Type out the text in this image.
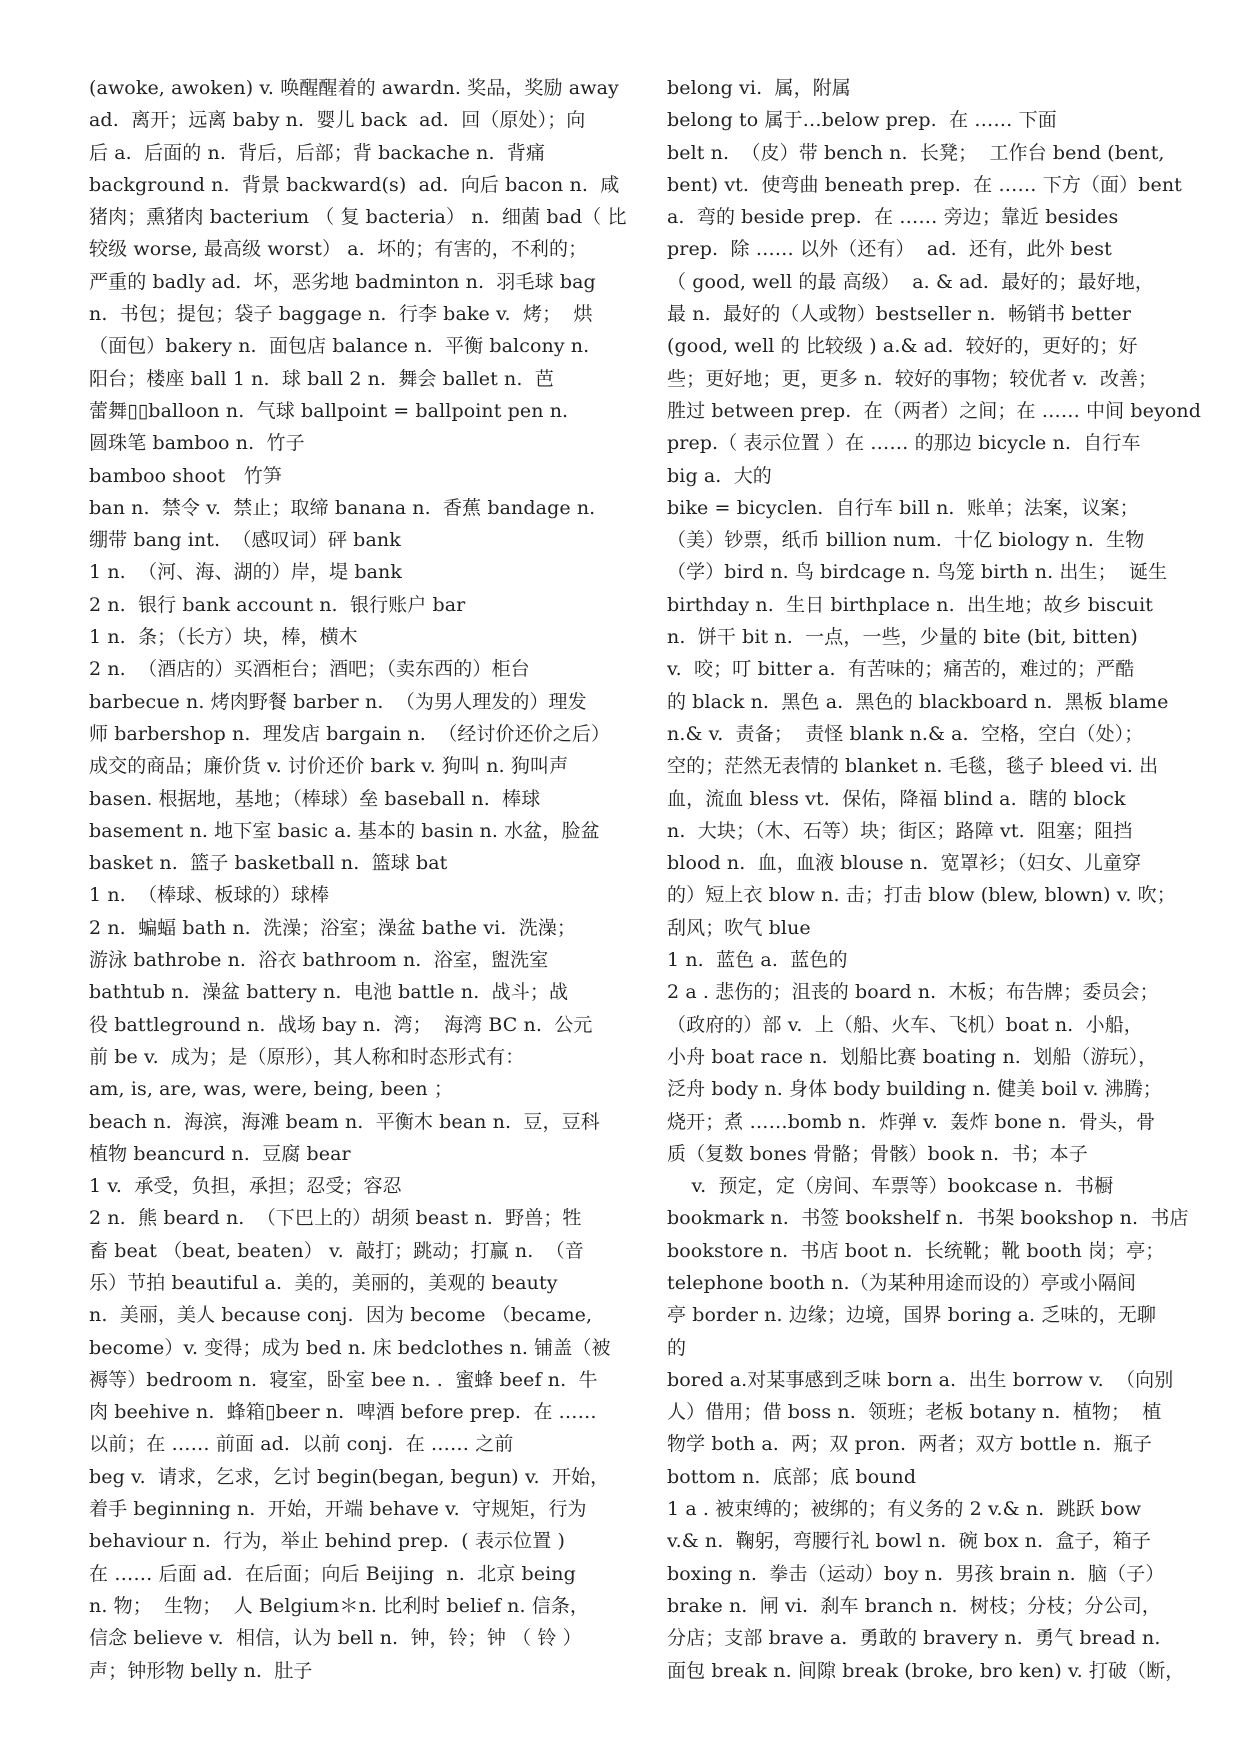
(awoke, awoken) v. 唤醒醒着的 awardn. 奖品，奖励 away
ad.  离开；远离 baby n.  婴儿 back  ad.  回（原处）；向
后 a.  后面的 n.  背后，后部；背 backache n.  背痛
background n.  背景 backward(s)  ad.  向后 bacon n.  咸
猪肉；熏猪肉 bacterium （ 复 bacteria） n.  细菌 bad（ 比
较级 worse, 最高级 worst） a.  坏的；有害的，不利的；
严重的 badly ad.  坏，恶劣地 badminton n.  羽毛球 bag
n.  书包；提包；袋子 baggage n.  行李 bake v.  烤；  烘
（面包）bakery n.  面包店 balance n.  平衡 balcony n.
阳台；楼座 ball 1 n.  球 ball 2 n.  舞会 ballet n.  芭
蕾舞▯▯balloon n.  气球 ballpoint = ballpoint pen n.
圆珠笔 bamboo n.  竹子
bamboo shoot   竹笋
ban n.  禁令 v.  禁止；取缔 banana n.  香蕉 bandage n.
绷带 bang int.  （感叹词）砰 bank
1 n.  （河、海、湖的）岸，堤 bank
2 n.  银行 bank account n.  银行账户 bar
1 n.  条；（长方）块，棒，横木
2 n.  （酒店的）买酒柜台；酒吧；（卖东西的）柜台
barbecue n. 烤肉野餐 barber n.  （为男人理发的）理发
师 barbershop n.  理发店 bargain n.  （经讨价还价之后）
成交的商品；廉价货 v. 讨价还价 bark v. 狗叫 n. 狗叫声
basen. 根据地，基地；（棒球）垒 baseball n.  棒球
basement n. 地下室 basic a. 基本的 basin n. 水盆，脸盆
basket n.  篮子 basketball n.  篮球 bat
1 n.  （棒球、板球的）球棒
2 n.  蝙蝠 bath n.  洗澡；浴室；澡盆 bathe vi.  洗澡；
游泳 bathrobe n.  浴衣 bathroom n.  浴室，盥洗室
bathtub n.  澡盆 battery n.  电池 battle n.  战斗；战
役 battleground n.  战场 bay n.  湾；  海湾 BC n.  公元
前 be v.  成为；是（原形），其人称和时态形式有：
am, is, are, was, were, being, been ；
beach n.  海滨，海滩 beam n.  平衡木 bean n.  豆，豆科
植物 beancurd n.  豆腐 bear
1 v.  承受，负担，承担；忍受；容忍
2 n.  熊 beard n.  （下巴上的）胡须 beast n.  野兽；牲
畜 beat （beat, beaten） v.  敲打；跳动；打赢 n.  （音
乐）节拍 beautiful a.  美的，美丽的，美观的 beauty
n.  美丽，美人 because conj.  因为 become （became,
become）v. 变得；成为 bed n. 床 bedclothes n. 铺盖（被
褥等）bedroom n.  寝室，卧室 bee n. .  蜜蜂 beef n.  牛
肉 beehive n.  蜂箱▯beer n.  啤酒 before prep.  在 ……
以前；在 …… 前面 ad.  以前 conj.  在 …… 之前
beg v.  请求，乞求，乞讨 begin(began, begun) v.  开始，
着手 beginning n.  开始，开端 behave v.  守规矩，行为
behaviour n.  行为，举止 behind prep.  ( 表示位置 )
在 …… 后面 ad.  在后面；向后 Beijing  n.  北京 being
n. 物；  生物；  人 Belgium＊n. 比利时 belief n. 信条，
信念 believe v.  相信，认为 bell n.  钟，铃；钟 （ 铃 ）
声；钟形物 belly n.  肚子
belong vi.  属，附属
belong to 属于…below prep.  在 …… 下面
belt n.  （皮）带 bench n.  长凳；  工作台 bend (bent,
bent) vt.  使弯曲 beneath prep.  在 …… 下方（面）bent
a.  弯的 beside prep.  在 …… 旁边；靠近 besides
prep.  除 …… 以外（还有）  ad.  还有，此外 best
（ good, well 的最 高级）  a. & ad.  最好的；最好地，
最 n.  最好的（人或物）bestseller n.  畅销书 better
(good, well 的 比较级 ) a.& ad.  较好的，更好的；好
些；更好地；更，更多 n.  较好的事物；较优者 v.  改善；
胜过 between prep.  在（两者）之间；在 …… 中间 beyond
prep.（ 表示位置 ）在 …… 的那边 bicycle n.  自行车
big a.  大的
bike = bicyclen.  自行车 bill n.  账单；法案，议案；
（美）钞票，纸币 billion num.  十亿 biology n.  生物
（学）bird n. 鸟 birdcage n. 鸟笼 birth n. 出生；  诞生
birthday n.  生日 birthplace n.  出生地；故乡 biscuit
n.  饼干 bit n.  一点，一些，少量的 bite (bit, bitten)
v.  咬；叮 bitter a.  有苦味的；痛苦的，难过的；严酷
的 black n.  黑色 a.  黑色的 blackboard n.  黑板 blame
n.& v.  责备；  责怪 blank n.& a.  空格，空白（处）；
空的；茫然无表情的 blanket n. 毛毯，毯子 bleed vi. 出
血，流血 bless vt.  保佑，降福 blind a.  瞎的 block
n.  大块；（木、石等）块；街区；路障 vt.  阻塞；阻挡
blood n.  血，血液 blouse n.  宽罩衫；（妇女、儿童穿
的）短上衣 blow n. 击；打击 blow (blew, blown) v. 吹；
刮风；吹气 blue
1 n.  蓝色 a.  蓝色的
2 a . 悲伤的；沮丧的 board n.  木板；布告牌；委员会；
（政府的）部 v.  上（船、火车、飞机）boat n.  小船，
小舟 boat race n.  划船比赛 boating n.  划船（游玩），
泛舟 body n. 身体 body building n. 健美 boil v. 沸腾；
烧开；煮 ……bomb n.  炸弹 v.  轰炸 bone n.  骨头，骨
质（复数 bones 骨骼；骨骸）book n.  书；本子
v.  预定，定（房间、车票等）bookcase n.  书橱
bookmark n.  书签 bookshelf n.  书架 bookshop n.  书店
bookstore n.  书店 boot n.  长统靴；靴 booth 岗；亭；
telephone booth n.（为某种用途而设的）亭或小隔间
亭 border n. 边缘；边境，国界 boring a. 乏味的，无聊
的
bored a.对某事感到乏味 born a.  出生 borrow v.  （向别
人）借用；借 boss n.  领班；老板 botany n.  植物；  植
物学 both a.  两；双 pron.  两者；双方 bottle n.  瓶子
bottom n.  底部；底 bound
1 a . 被束缚的；被绑的；有义务的 2 v.& n.  跳跃 bow
v.& n.  鞠躬，弯腰行礼 bowl n.  碗 box n.  盒子，箱子
boxing n.  拳击（运动）boy n.  男孩 brain n.  脑（子）
brake n.  闸 vi.  刹车 branch n.  树枝；分枝；分公司，
分店；支部 brave a.  勇敢的 bravery n.  勇气 bread n.
面包 break n. 间隙 break (broke, bro ken) v. 打破（断，
